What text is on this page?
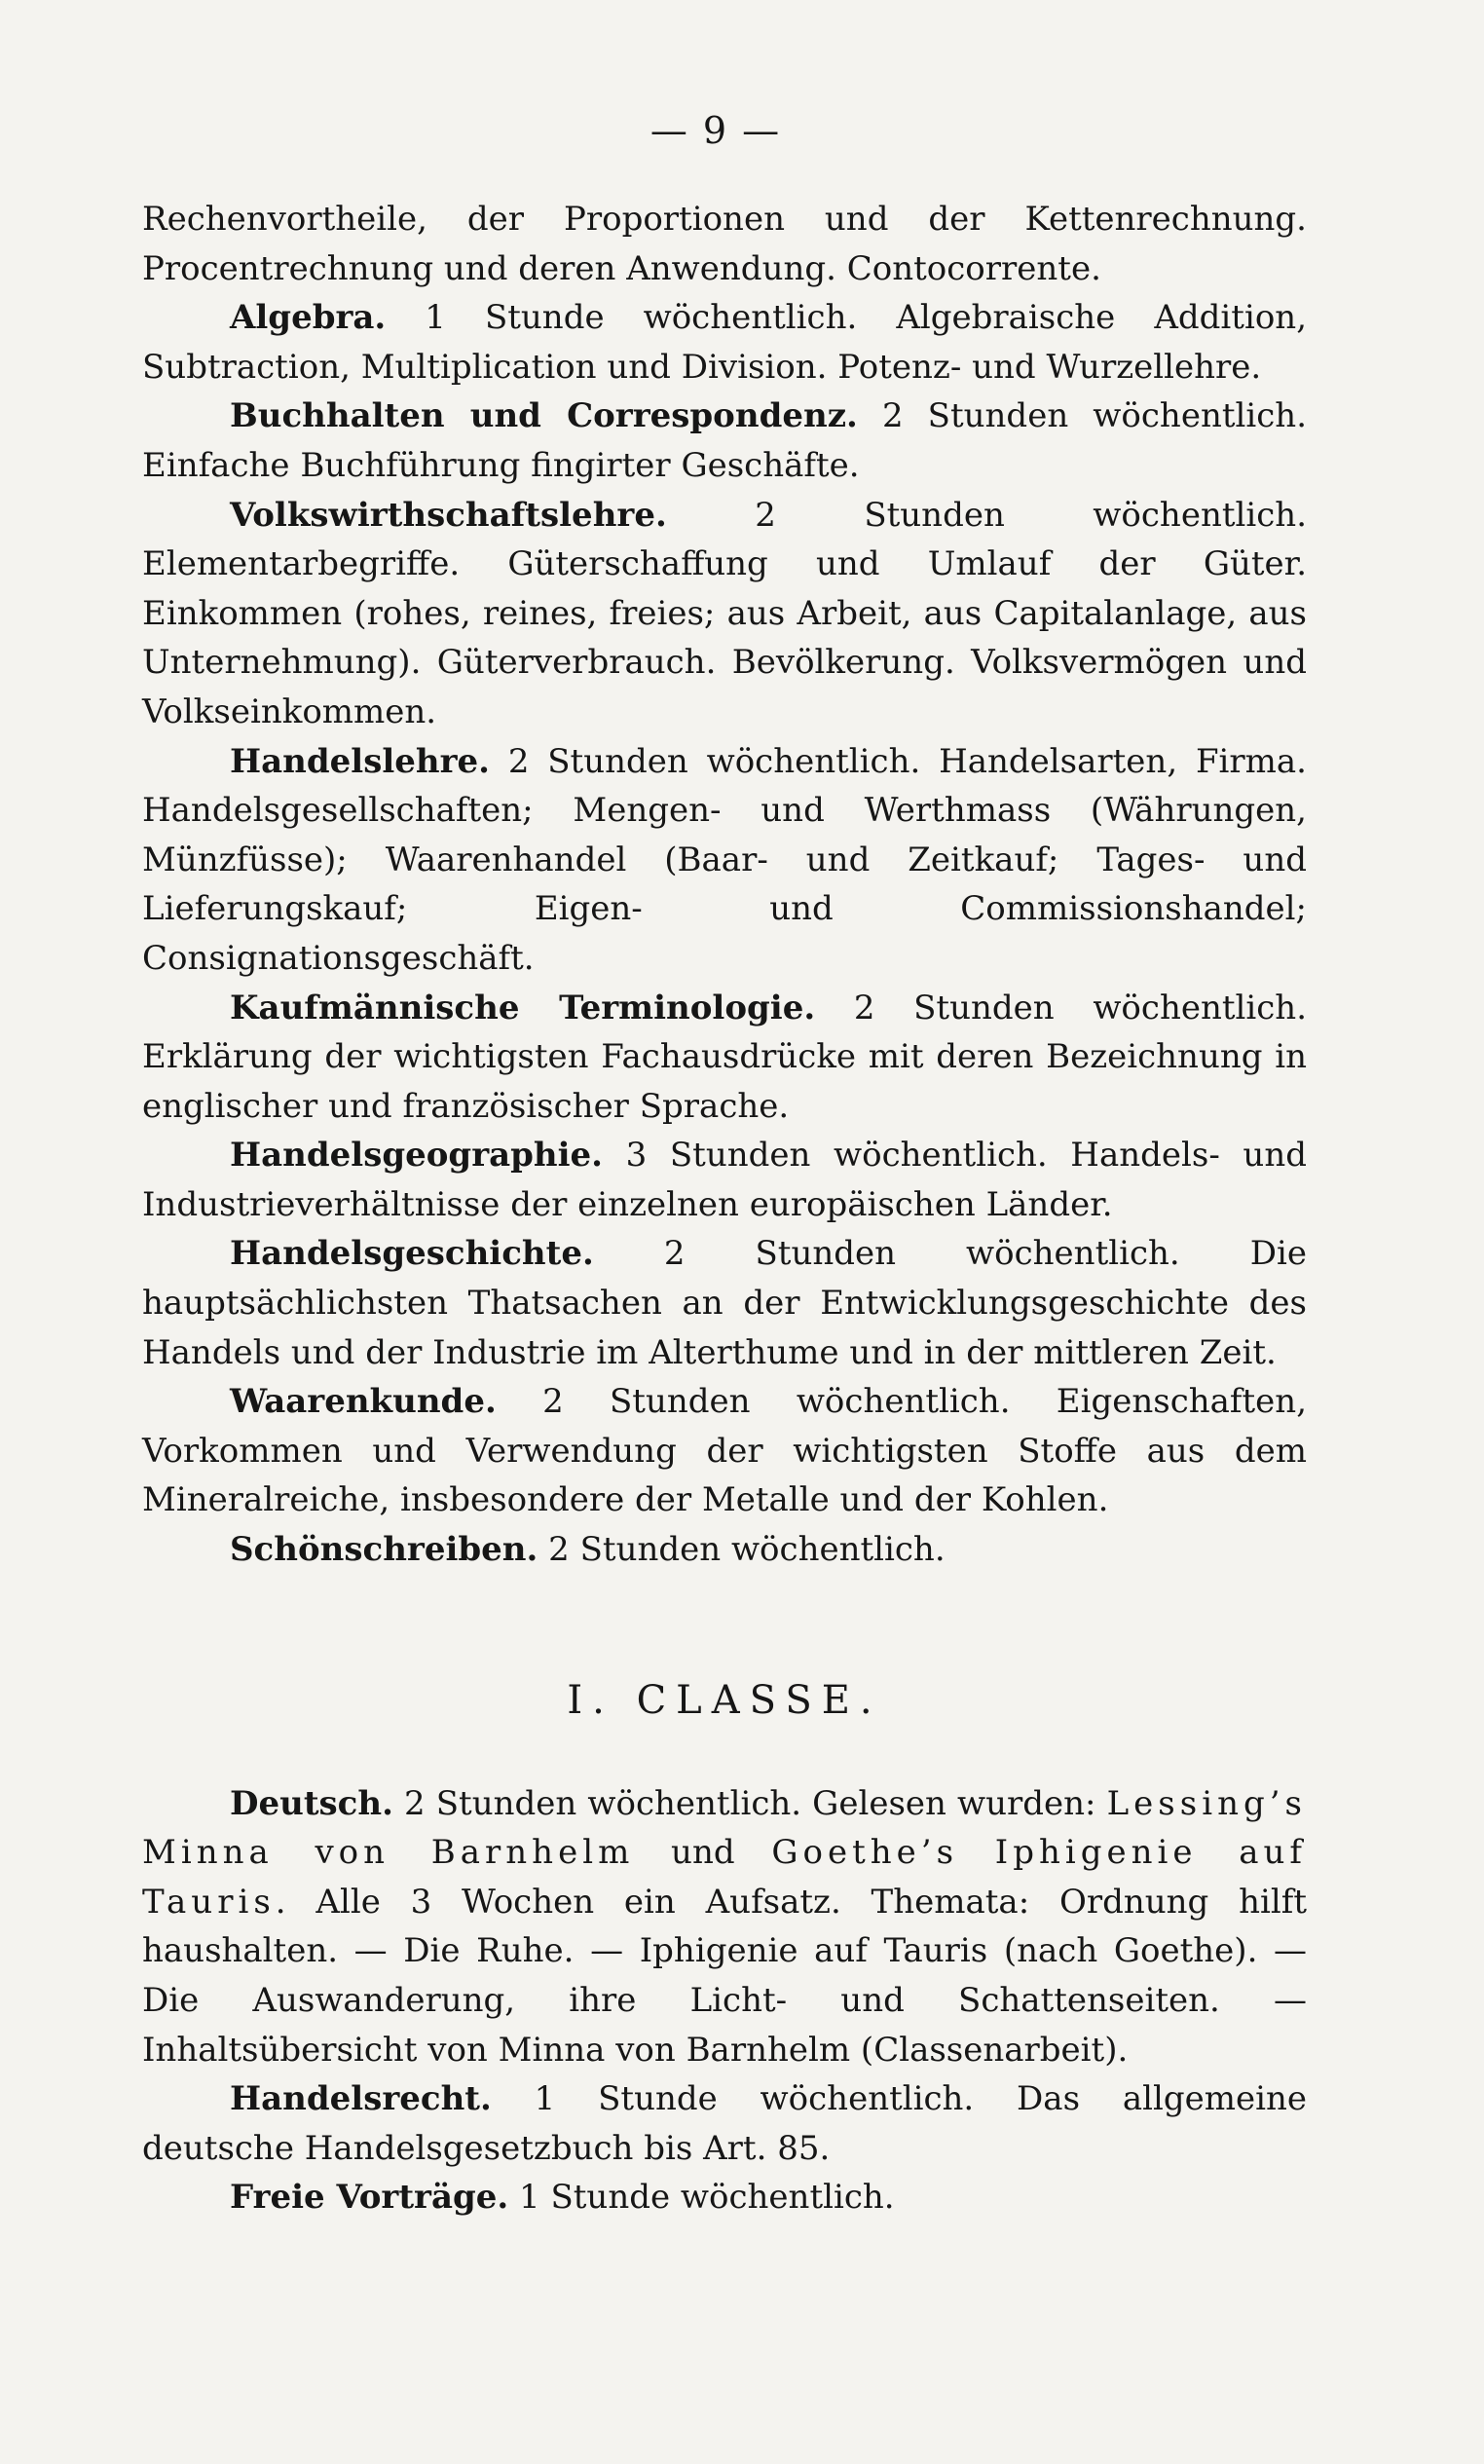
— 9 —

Rechenvortheile, der Proportionen und der Kettenrechnung. Procentrechnung und deren Anwendung. Contocorrente.

Algebra. 1 Stunde wöchentlich. Algebraische Addition, Subtraction, Multiplication und Division. Potenz- und Wurzellehre.

Buchhalten und Correspondenz. 2 Stunden wöchentlich. Einfache Buchführung fingirter Geschäfte.

Volkswirthschaftslehre.	2 Stunden wöchentlich. Elementarbegriffe. Güterschaffung und Umlauf der Güter. Einkommen (rohes, reines, freies; aus Arbeit, aus Capitalanlage, aus Unternehmung). Güterverbrauch. Bevölkerung. Volksvermögen und Volkseinkommen.

Handelslehre. 2 Stunden wöchentlich. Handelsarten, Firma. Handelsgesellschaften; Mengen- und Werthmass (Währungen, Münzfüsse); Waarenhandel (Baar- und Zeitkauf; Tages- und Lieferungskauf; Eigen- und Commissionshandel; Consignationsgeschäft.

Kaufmännische Terminologie. 2 Stunden wöchentlich. Erklärung der wichtigsten Fachausdrücke mit deren Bezeichnung in englischer und französischer Sprache.

Handelsgeographie. 3 Stunden wöchentlich. Handels- und Industrieverhältnisse der einzelnen europäischen Länder.

Handelsgeschichte. 2 Stunden wöchentlich. Die hauptsächlichsten Thatsachen an der Entwicklungsgeschichte des Handels und der Industrie im Alterthume und in der mittleren Zeit.

Waarenkunde. 2 Stunden wöchentlich. Eigenschaften, Vorkommen und Verwendung der wichtigsten Stoffe aus dem Mineralreiche, insbesondere der Metalle und der Kohlen.

Schönschreiben. 2 Stunden wöchentlich.

I. CLASSE.

Deutsch. 2 Stunden wöchentlich. Gelesen wurden: Lessing’s Minna von Barnhelm und Goethe’s Iphigenie auf Tauris. Alle 3 Wochen ein Aufsatz. Themata: Ordnung hilft haushalten. — Die Ruhe. — Iphigenie auf Tauris (nach Goethe). — Die Auswanderung, ihre Licht- und Schattenseiten. — Inhaltsübersicht von Minna von Barnhelm (Classenarbeit).

Handelsrecht. 1 Stunde wöchentlich. Das allgemeine deutsche Handelsgesetzbuch bis Art. 85.

Freie Vorträge. 1 Stunde wöchentlich.
